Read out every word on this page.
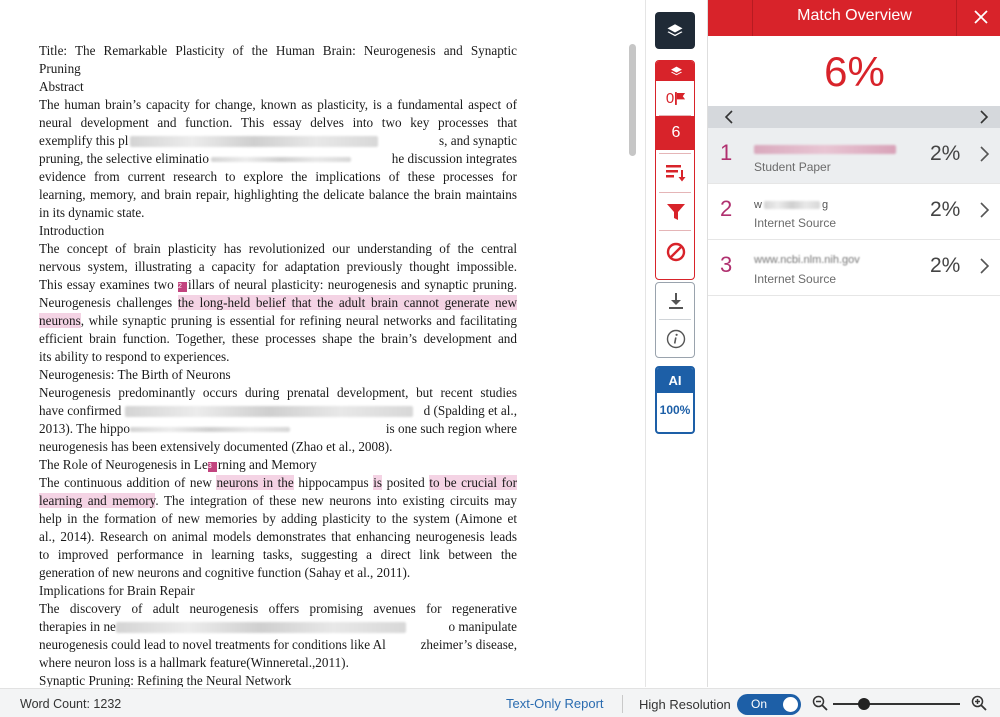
Title: The Remarkable Plasticity of the Human Brain: Neurogenesis and Synaptic
Pruning
Abstract
The human brain’s capacity for change, known as plasticity, is a fundamental aspect of
neural development and function. This essay delves into two key processes that
exemplify this pl	s, and synaptic
pruning, the selective eliminatio	he discussion integrates
evidence from current research to explore the implications of these processes for
learning, memory, and brain repair, highlighting the delicate balance the brain maintains
in its dynamic state.
Introduction
The concept of brain plasticity has revolutionized our understanding of the central
nervous system, illustrating a capacity for adaptation previously thought impossible.
This essay examines two 2 illars of neural plasticity: neurogenesis and synaptic pruning.
Neurogenesis challenges the long-held belief that the adult brain cannot generate new
neurons, while synaptic pruning is essential for refining neural networks and facilitating
efficient brain function. Together, these processes shape the brain’s development and
its ability to respond to experiences.
Neurogenesis: The Birth of Neurons
Neurogenesis predominantly occurs during prenatal development, but recent studies
have confirmed	d (Spalding et al.,
2013). The hippo	is one such region where
neurogenesis has been extensively documented (Zhao et al., 2008).
The Role of Neurogenesis in Le3 rning and Memory
The continuous addition of new neurons in the hippocampus is posited to be crucial for
learning and memory. The integration of these new neurons into existing circuits may
help in the formation of new memories by adding plasticity to the system (Aimone et
al., 2014). Research on animal models demonstrates that enhancing neurogenesis leads
to improved performance in learning tasks, suggesting a direct link between the
generation of new neurons and cognitive function (Sahay et al., 2011).
Implications for Brain Repair
The discovery of adult neurogenesis offers promising avenues for regenerative
therapies in ne	o manipulate
neurogenesis could lead to novel treatments for conditions like Al	zheimer’s disease,
where neuron loss is a hallmark feature(Winneretal.,2011).
Synaptic Pruning: Refining the Neural Network
0
6
AI
100%
Match Overview
6%
1
Student Paper
2%
2	w	g
Internet Source
2%
3	www.ncbi.nlm.nih.gov
Internet Source
2%
Word Count: 1232	Text-Only Report	High Resolution On
